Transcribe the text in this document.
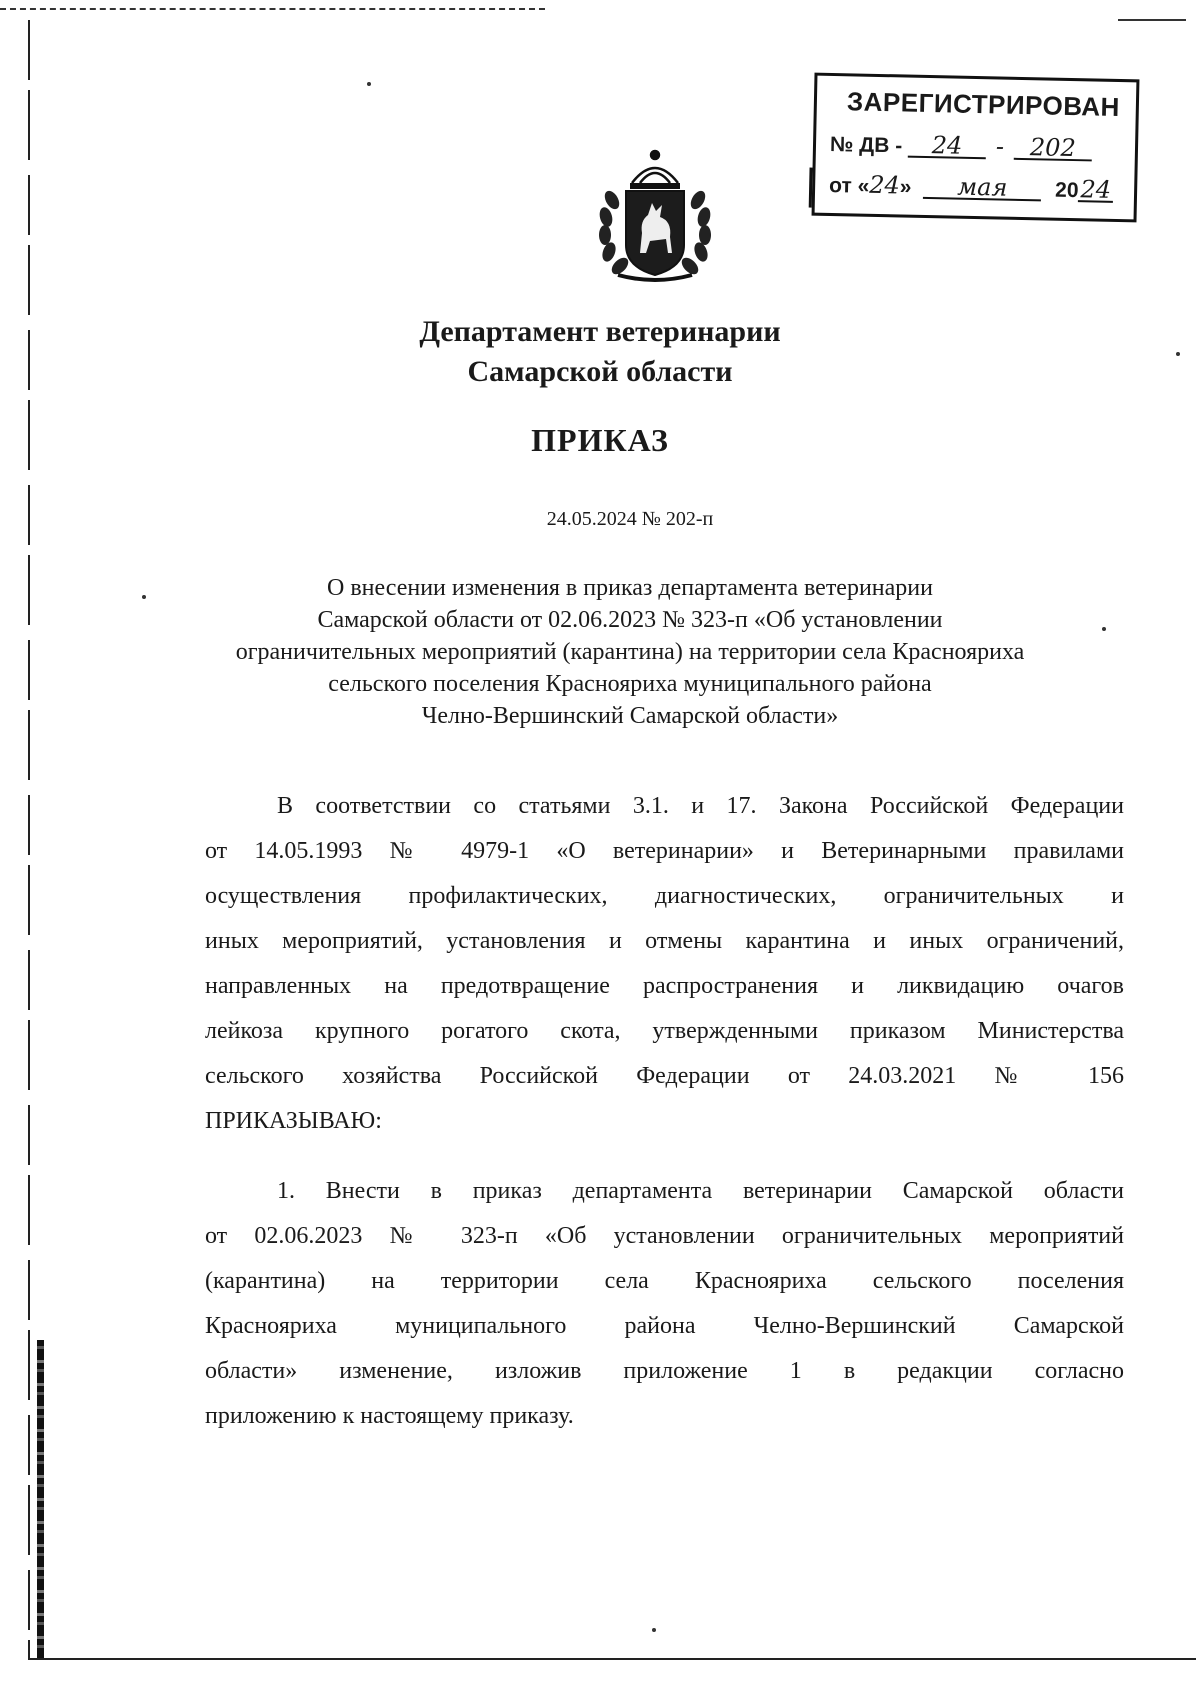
ЗАРЕГИСТРИРОВАН
№ ДВ - 24 - 202
от «24» мая 2024
Департамент ветеринарии
Самарской области
ПРИКАЗ
24.05.2024 № 202-п
О внесении изменения в приказ департамента ветеринарии
Самарской области от 02.06.2023 № 323-п «Об установлении
ограничительных мероприятий (карантина) на территории села Краснояриха
сельского поселения Краснояриха муниципального района
Челно-Вершинский Самарской области»
В соответствии со статьями 3.1. и 17. Закона Российской Федерации
от 14.05.1993 № 4979-1 «О ветеринарии» и Ветеринарными правилами
осуществления профилактических, диагностических, ограничительных и
иных мероприятий, установления и отмены карантина и иных ограничений,
направленных на предотвращение распространения и ликвидацию очагов
лейкоза крупного рогатого скота, утвержденными приказом Министерства
сельского хозяйства Российской Федерации от 24.03.2021 № 156
ПРИКАЗЫВАЮ:
1. Внести в приказ департамента ветеринарии Самарской области
от 02.06.2023 № 323-п «Об установлении ограничительных мероприятий
(карантина) на территории села Краснояриха сельского поселения
Краснояриха муниципального района Челно-Вершинский Самарской
области» изменение, изложив приложение 1 в редакции согласно
приложению к настоящему приказу.
